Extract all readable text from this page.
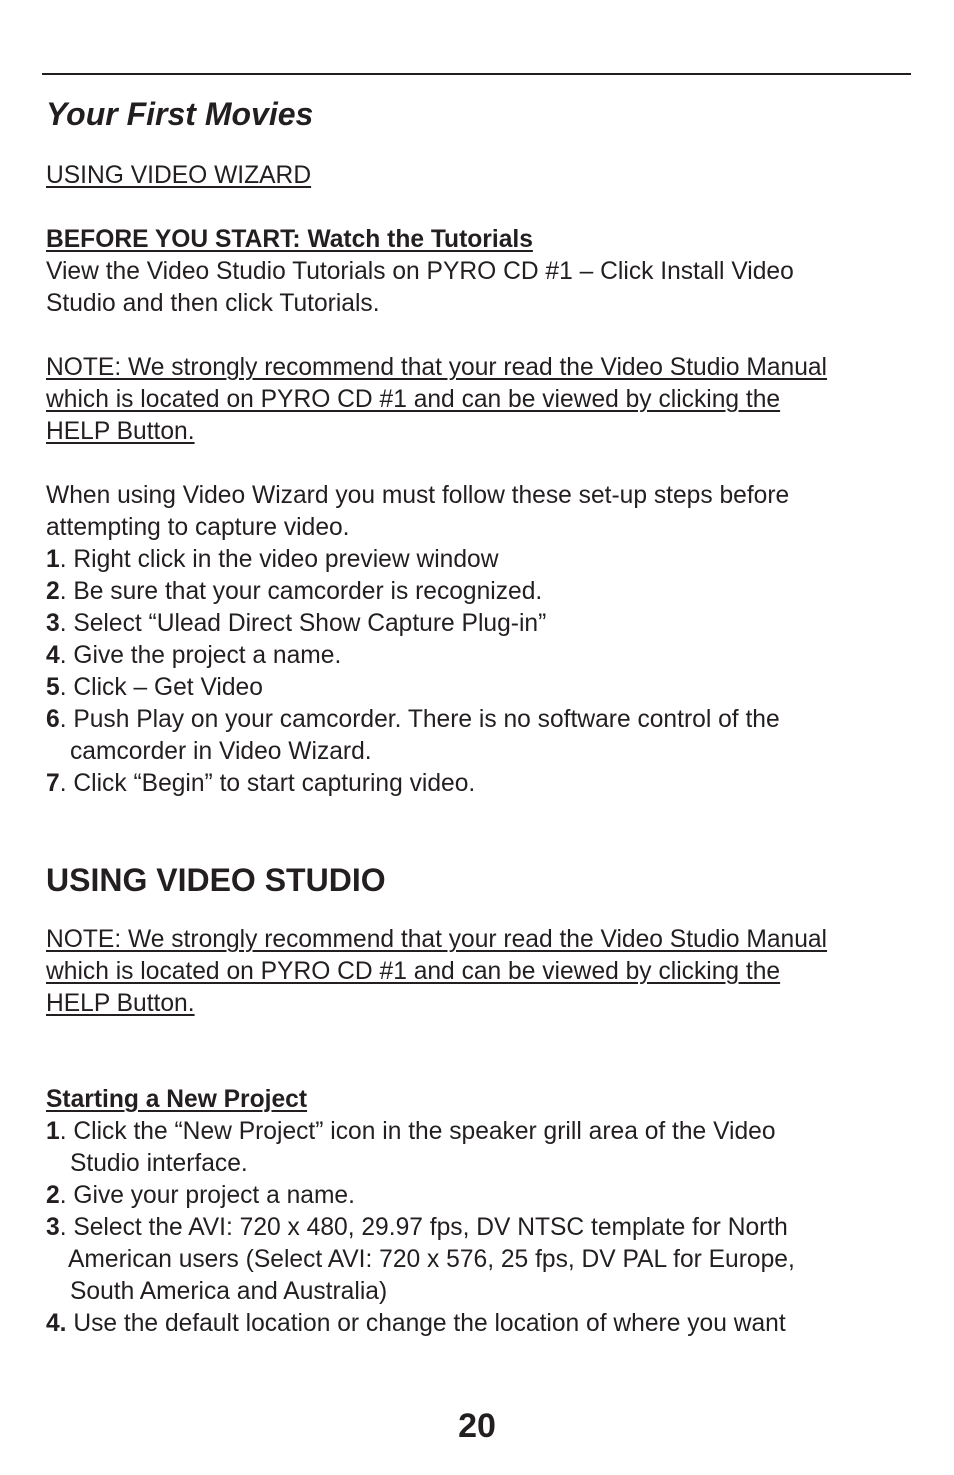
Your First Movies

USING VIDEO WIZARD

BEFORE YOU START: Watch the Tutorials

View the Video Studio Tutorials on PYRO CD #1 – Click Install Video

Studio and then click Tutorials.

NOTE: We strongly recommend that your read the Video Studio Manual

which is located on PYRO CD #1 and can be viewed by clicking the

HELP Button.

When using Video Wizard you must follow these set-up steps before

attempting to capture video.

1. Right click in the video preview window

2. Be sure that your camcorder is recognized.

3. Select “Ulead Direct Show Capture Plug-in”

4. Give the project a name.

5. Click – Get Video

6. Push Play on your camcorder. There is no software control of the

camcorder in Video Wizard.

7. Click “Begin” to start capturing video.

USING VIDEO STUDIO

NOTE: We strongly recommend that your read the Video Studio Manual

which is located on PYRO CD #1 and can be viewed by clicking the

HELP Button.

Starting a New Project

1. Click the “New Project” icon in the speaker grill area of the Video

Studio interface.

2. Give your project a name.

3. Select the AVI: 720 x 480, 29.97 fps, DV NTSC template for North

American users (Select AVI: 720 x 576, 25 fps, DV PAL for Europe,

South America and Australia)

4. Use the default location or change the location of where you want

20
